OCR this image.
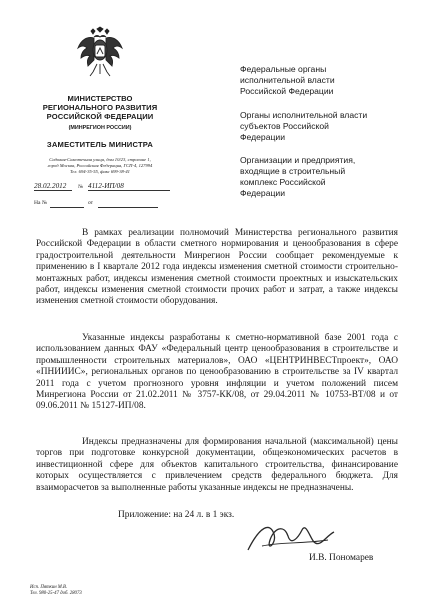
МИНИСТЕРСТВО
РЕГИОНАЛЬНОГО РАЗВИТИЯ
РОССИЙСКОЙ ФЕДЕРАЦИИ
(МИНРЕГИОН РОССИИ)
ЗАМЕСТИТЕЛЬ МИНИСТРА
Садовая-Самотечная улица, дом 10/23, строение 1,
город Москва, Российская Федерация, ГСП-4, 127994
Тел. 694-35-55, факс 699-38-41
28.02.2012	№ 4112-ИП/08
На №	от
Федеральные органы
исполнительной власти
Российской Федерации
Органы исполнительной власти
субъектов Российской
Федерации
Организации и предприятия,
входящие в строительный
комплекс Российской
Федерации
В рамках реализации полномочий Министерства регионального развития Российской Федерации в области сметного нормирования и ценообразования в сфере градостроительной деятельности Минрегион России сообщает рекомендуемые к применению в I квартале 2012 года индексы изменения сметной стоимости строительно-монтажных работ, индексы изменения сметной стоимости проектных и изыскательских работ, индексы изменения сметной стоимости прочих работ и затрат, а также индексы изменения сметной стоимости оборудования.
Указанные индексы разработаны к сметно-нормативной базе 2001 года с использованием данных ФАУ «Федеральный центр ценообразования в строительстве и промышленности строительных материалов», ОАО «ЦЕНТРИНВЕСТпроект», ОАО «ПНИИИС», региональных органов по ценообразованию в строительстве за IV квартал 2011 года с учетом прогнозного уровня инфляции и учетом положений писем Минрегиона России от 21.02.2011 № 3757-КК/08, от 29.04.2011 № 10753-ВТ/08 и от 09.06.2011 № 15127-ИП/08.
Индексы предназначены для формирования начальной (максимальной) цены торгов при подготовке конкурсной документации, общеэкономических расчетов в инвестиционной сфере для объектов капитального строительства, финансирование которых осуществляется с привлечением средств федерального бюджета. Для взаиморасчетов за выполненные работы указанные индексы не предназначены.
Приложение: на 24 л. в 1 экз.
И.В. Пономарев
Исп. Пяткин М.В.
Тел. 980-25-47 доб. 28073
